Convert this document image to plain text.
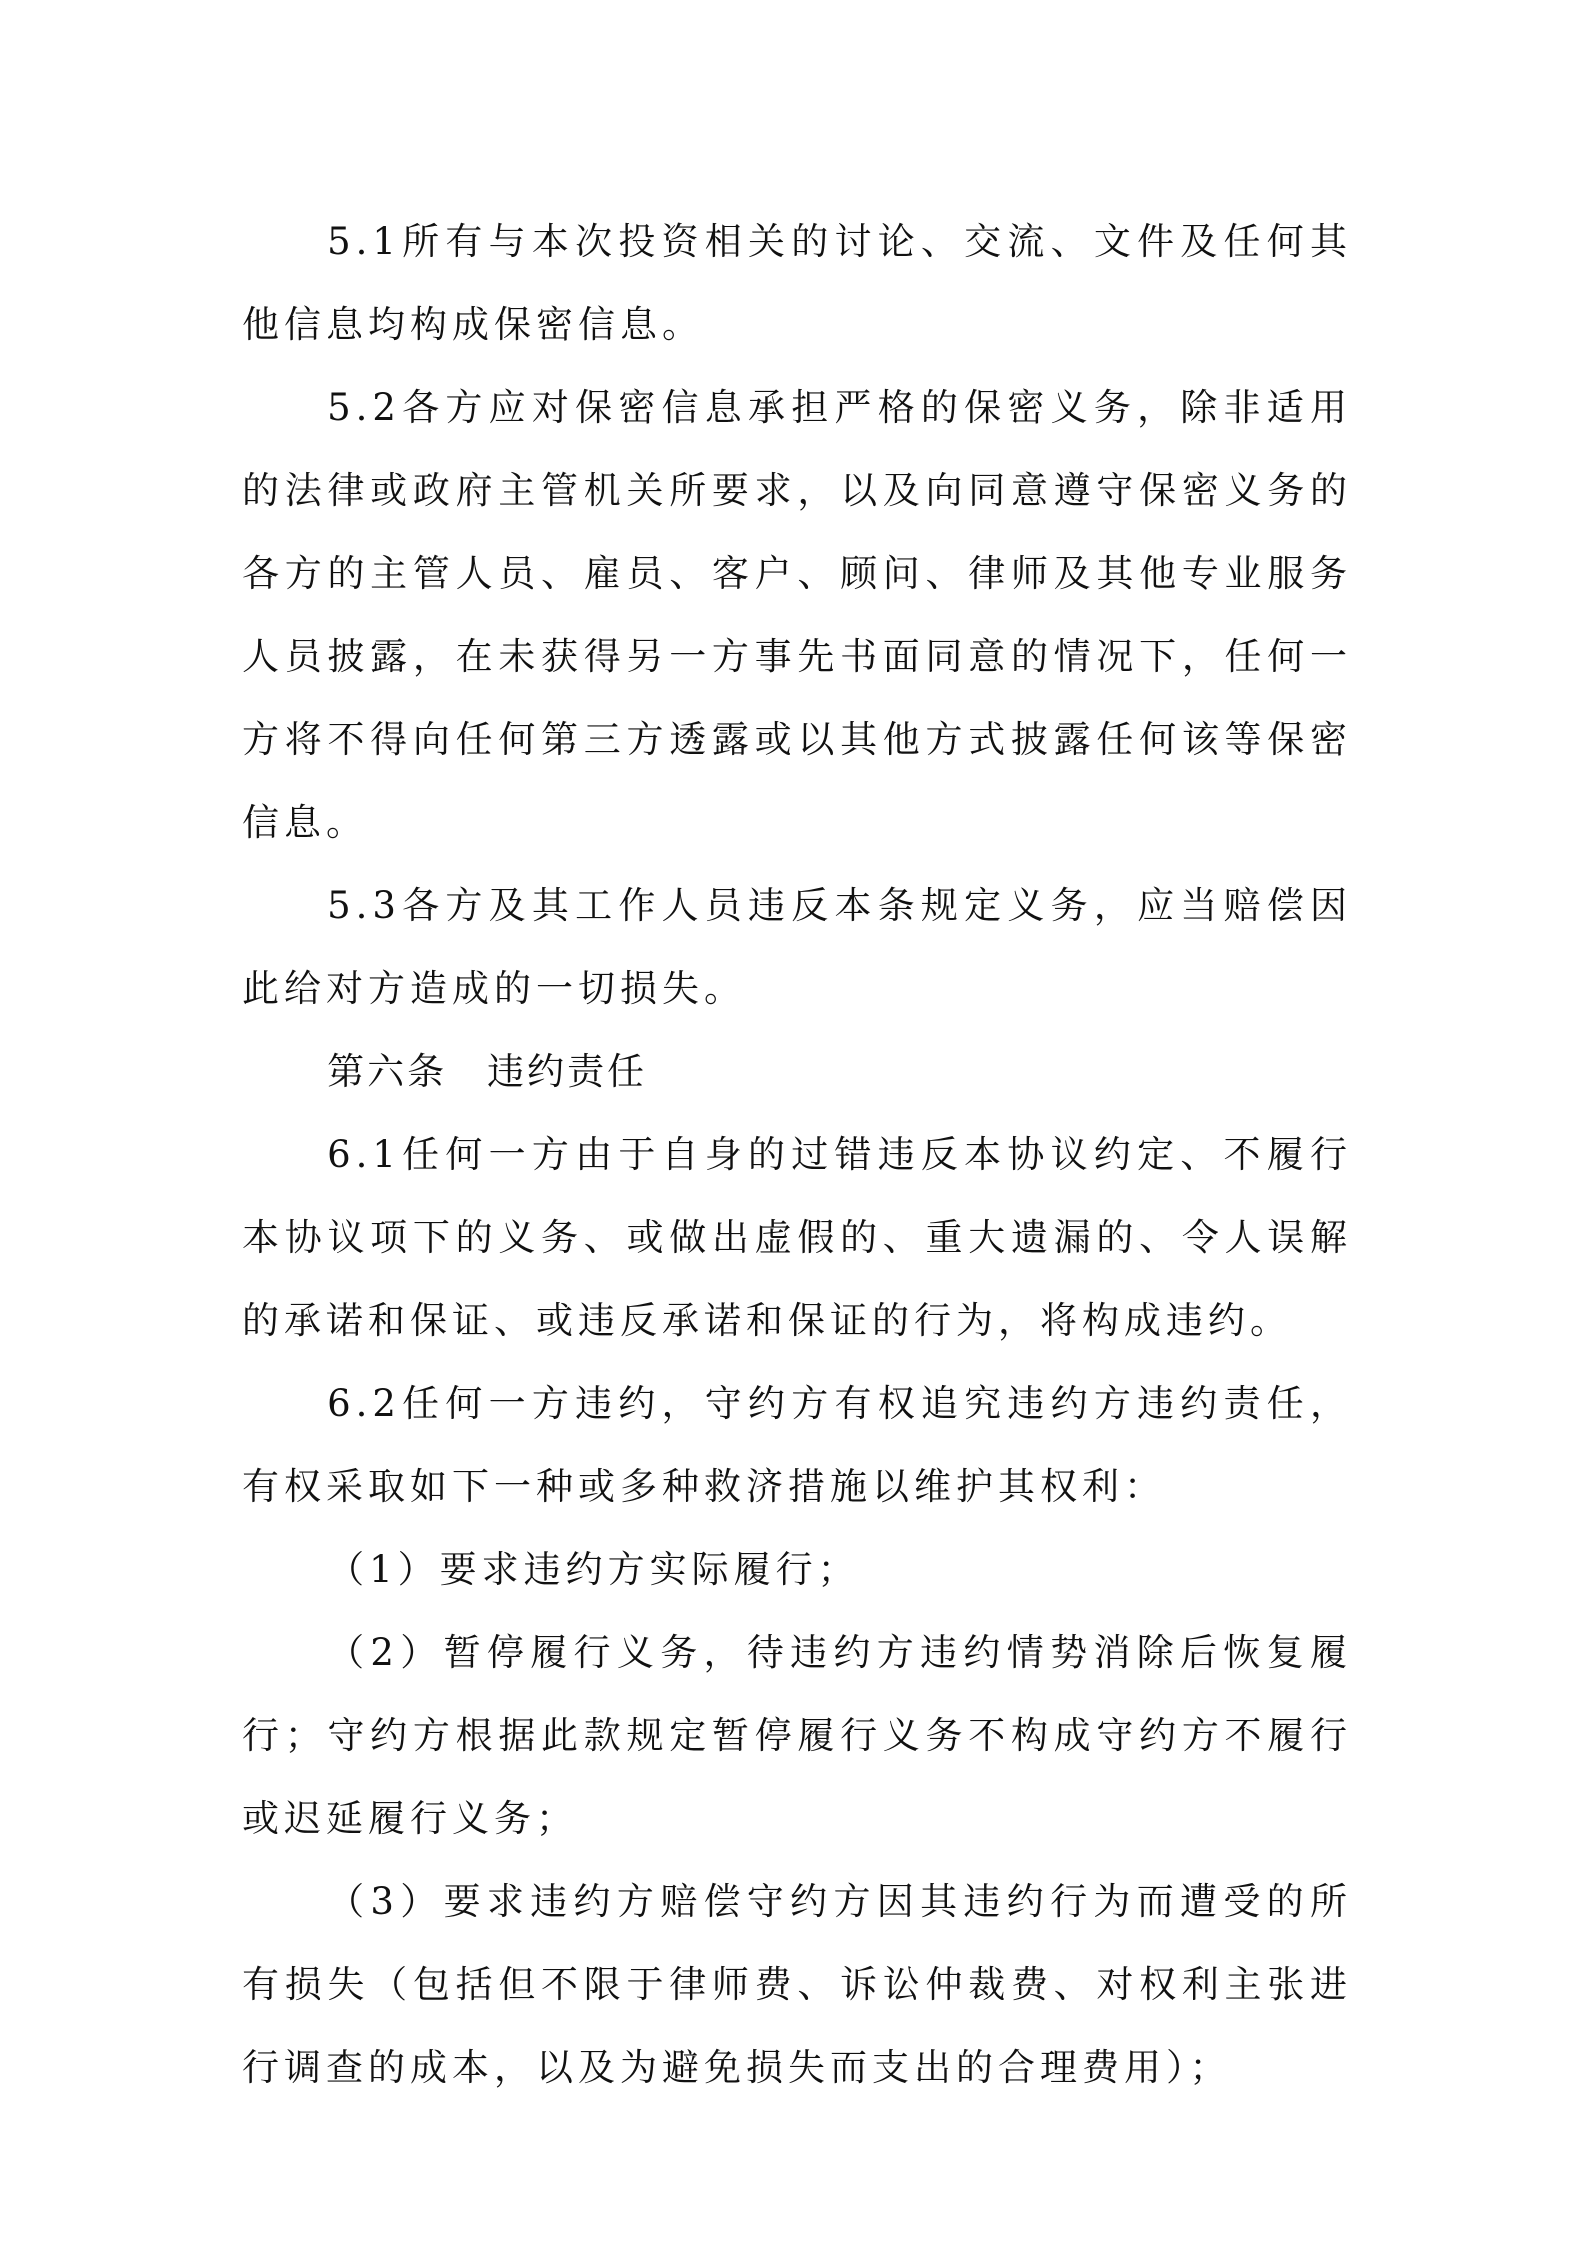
5.1所有与本次投资相关的讨论、交流、文件及任何其他信息均构成保密信息。

5.2各方应对保密信息承担严格的保密义务，除非适用的法律或政府主管机关所要求，以及向同意遵守保密义务的各方的主管人员、雇员、客户、顾问、律师及其他专业服务人员披露，在未获得另一方事先书面同意的情况下，任何一方将不得向任何第三方透露或以其他方式披露任何该等保密信息。

5.3各方及其工作人员违反本条规定义务，应当赔偿因此给对方造成的一切损失。

第六条　违约责任

6.1任何一方由于自身的过错违反本协议约定、不履行本协议项下的义务、或做出虚假的、重大遗漏的、令人误解的承诺和保证、或违反承诺和保证的行为，将构成违约。

6.2任何一方违约，守约方有权追究违约方违约责任，有权采取如下一种或多种救济措施以维护其权利：

（1）要求违约方实际履行；

（2）暂停履行义务，待违约方违约情势消除后恢复履行；守约方根据此款规定暂停履行义务不构成守约方不履行或迟延履行义务；

（3）要求违约方赔偿守约方因其违约行为而遭受的所有损失（包括但不限于律师费、诉讼仲裁费、对权利主张进行调查的成本，以及为避免损失而支出的合理费用）；
